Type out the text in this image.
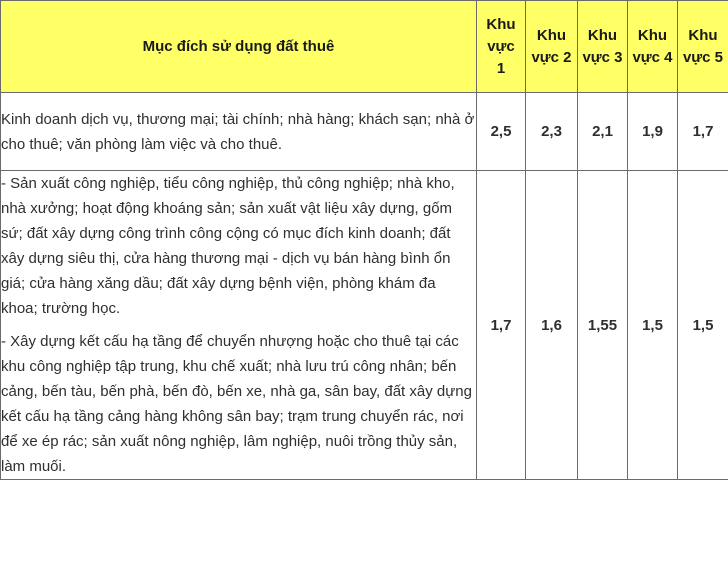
Mục đích sử dụng đất thuê	Khu
vực
1	Khu
vực 2	Khu
vực 3	Khu
vực 4	Khu
vực 5

Kinh doanh dịch vụ, thương mại; tài chính; nhà hàng; khách sạn; nhà ở cho thuê; văn phòng làm việc và cho thuê.	2,5	2,3	2,1	1,9	1,7

- Sản xuất công nghiệp, tiểu công nghiệp, thủ công nghiệp; nhà kho, nhà xưởng; hoạt động khoáng sản; sản xuất vật liệu xây dựng, gốm sứ; đất xây dựng công trình công cộng có mục đích kinh doanh; đất xây dựng siêu thị, cửa hàng thương mại - dịch vụ bán hàng bình ổn giá; cửa hàng xăng dầu; đất xây dựng bệnh viện, phòng khám đa khoa; trường học.

- Xây dựng kết cấu hạ tầng để chuyển nhượng hoặc cho thuê tại các khu công nghiệp tập trung, khu chế xuất; nhà lưu trú công nhân; bến cảng, bến tàu, bến phà, bến đò, bến xe, nhà ga, sân bay, đất xây dựng kết cấu hạ tầng cảng hàng không sân bay; trạm trung chuyển rác, nơi để xe ép rác; sản xuất nông nghiệp, lâm nghiệp, nuôi trồng thủy sản, làm muối.	1,7	1,6	1,55	1,5	1,5
